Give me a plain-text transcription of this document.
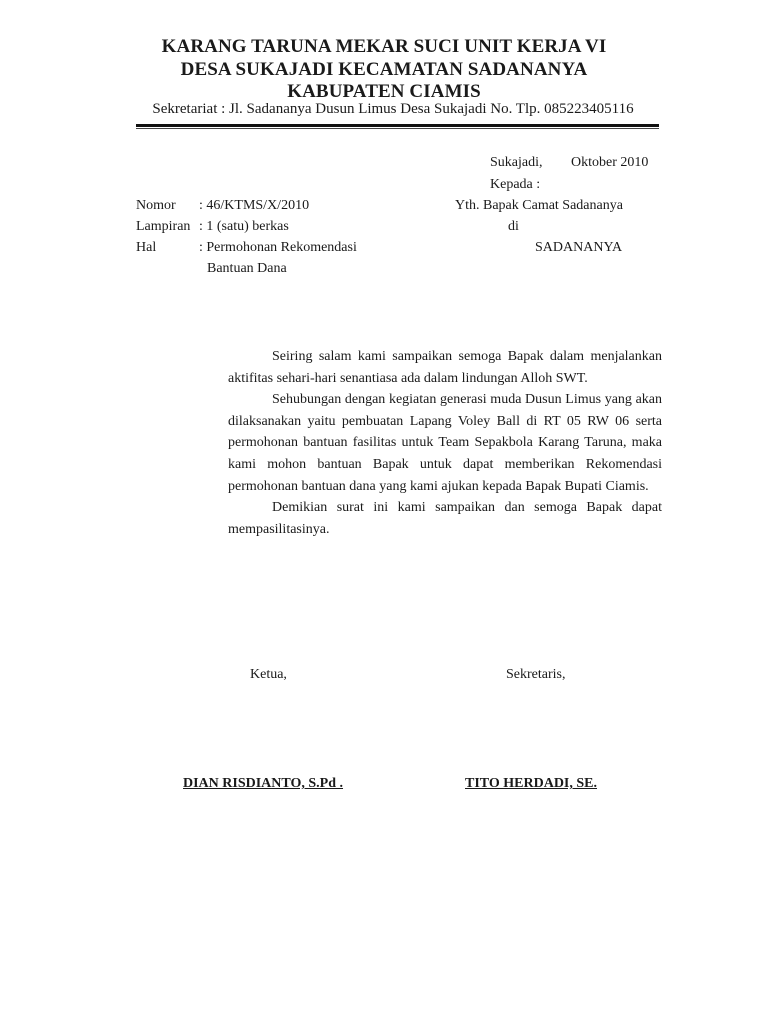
KARANG TARUNA MEKAR SUCI UNIT KERJA VI
DESA SUKAJADI KECAMATAN SADANANYA
KABUPATEN CIAMIS
Sekretariat : Jl. Sadananya Dusun Limus Desa Sukajadi No. Tlp. 085223405116
Sukajadi, Oktober 2010
Kepada :
Yth. Bapak Camat Sadananya
di
SADANANYA
Nomor : 46/KTMS/X/2010
Lampiran : 1 (satu) berkas
Hal	: Permohonan Rekomendasi
Bantuan Dana

Seiring salam kami sampaikan semoga Bapak dalam menjalankan aktifitas sehari-hari senantiasa ada dalam lindungan Alloh SWT.

Sehubungan dengan kegiatan generasi muda Dusun Limus yang akan dilaksanakan yaitu pembuatan Lapang Voley Ball di RT 05 RW 06 serta permohonan bantuan fasilitas untuk Team Sepakbola Karang Taruna, maka kami mohon bantuan Bapak untuk dapat memberikan Rekomendasi permohonan bantuan dana yang kami ajukan kepada Bapak Bupati Ciamis.

Demikian surat ini kami sampaikan dan semoga Bapak dapat mempasilitasinya.

Ketua,	Sekretaris,
DIAN RISDIANTO, S.Pd .	TITO HERDADI, SE.
